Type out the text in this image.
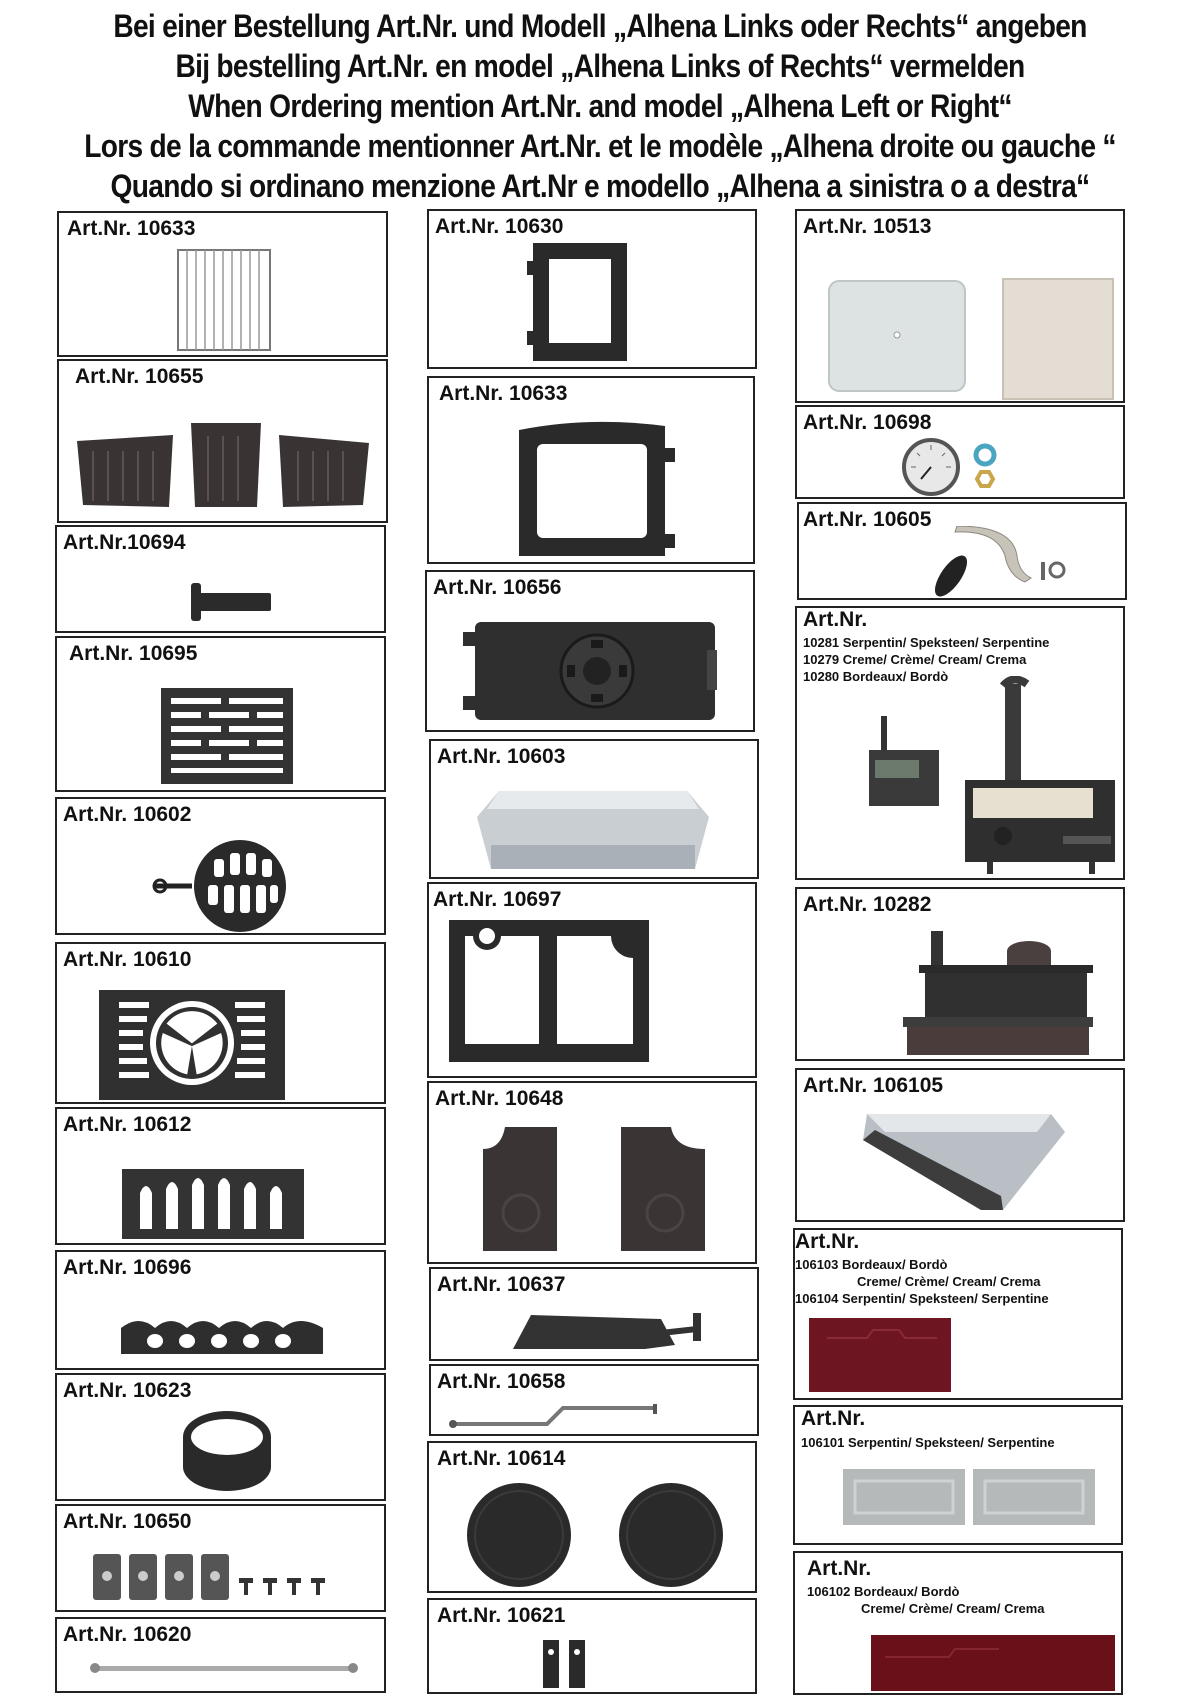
Bei einer Bestellung Art.Nr. und Modell „Alhena Links oder Rechts“ angeben
Bij bestelling Art.Nr. en model „Alhena Links of Rechts“ vermelden
When Ordering mention Art.Nr. and model „Alhena Left or Right“
Lors de la commande mentionner Art.Nr. et le modèle „Alhena droite ou gauche “
Quando si ordinano menzione Art.Nr e modello „Alhena a sinistra o a destra“
Art.Nr. 10633
Art.Nr. 10655
Art.Nr.10694
Art.Nr. 10695
Art.Nr. 10602
Art.Nr. 10610
Art.Nr. 10612
Art.Nr. 10696
Art.Nr. 10623
Art.Nr. 10650
Art.Nr. 10620
Art.Nr. 10630
Art.Nr. 10633
Art.Nr. 10656
Art.Nr. 10603
Art.Nr. 10697
Art.Nr. 10648
Art.Nr. 10637
Art.Nr. 10658
Art.Nr. 10614
Art.Nr. 10621
Art.Nr. 10513
Art.Nr. 10698
Art.Nr. 10605
Art.Nr.
10281 Serpentin/ Speksteen/ Serpentine
10279 Creme/ Crème/ Cream/ Crema
10280 Bordeaux/ Bordò
Art.Nr. 10282
Art.Nr. 106105
Art.Nr.
106103 Bordeaux/ Bordò
Creme/ Crème/ Cream/ Crema
106104 Serpentin/ Speksteen/ Serpentine
Art.Nr.
106101 Serpentin/ Speksteen/ Serpentine
Art.Nr.
106102 Bordeaux/ Bordò
Creme/ Crème/ Cream/ Crema
